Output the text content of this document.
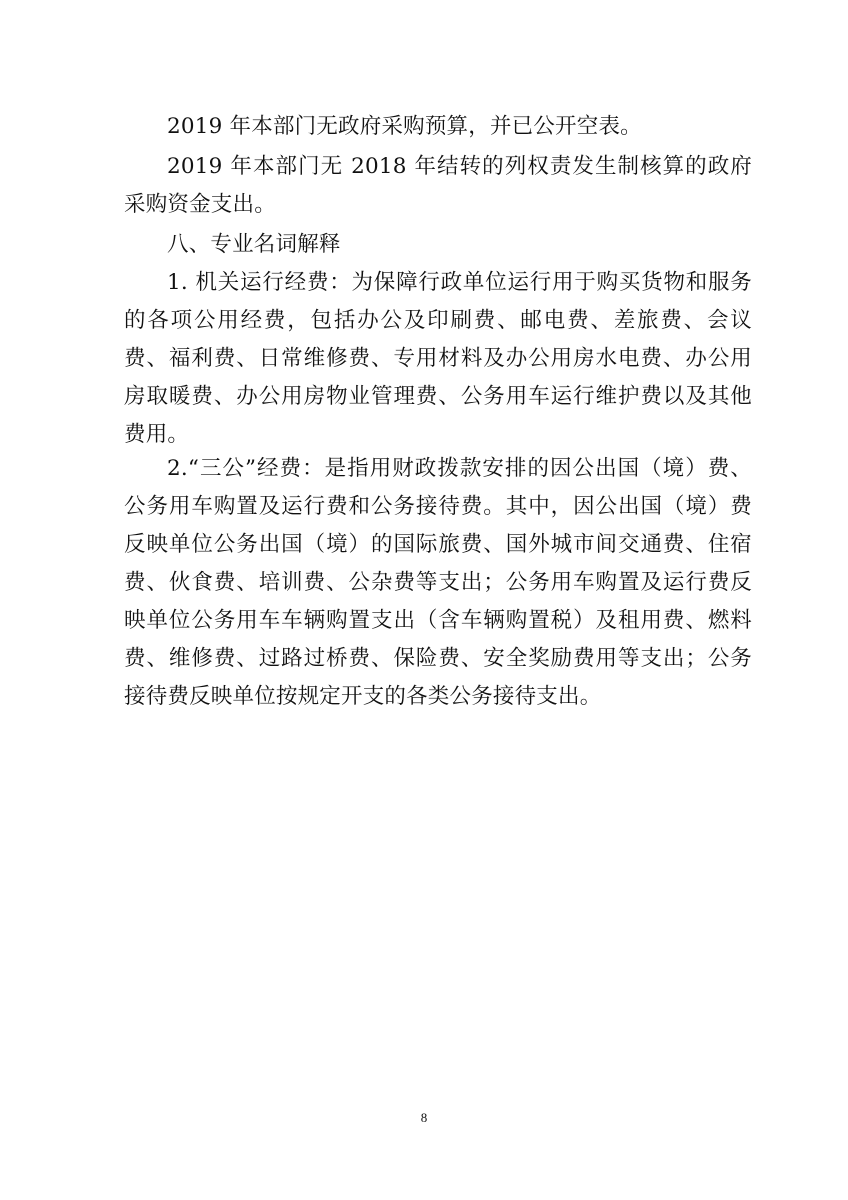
2019 年本部门无政府采购预算，并已公开空表。

2019 年本部门无 2018 年结转的列权责发生制核算的政府采购资金支出。

八、专业名词解释

1. 机关运行经费：为保障行政单位运行用于购买货物和服务的各项公用经费，包括办公及印刷费、邮电费、差旅费、会议费、福利费、日常维修费、专用材料及办公用房水电费、办公用房取暖费、办公用房物业管理费、公务用车运行维护费以及其他费用。

2.“三公”经费：是指用财政拨款安排的因公出国（境）费、公务用车购置及运行费和公务接待费。其中，因公出国（境）费反映单位公务出国（境）的国际旅费、国外城市间交通费、住宿费、伙食费、培训费、公杂费等支出；公务用车购置及运行费反映单位公务用车车辆购置支出（含车辆购置税）及租用费、燃料费、维修费、过路过桥费、保险费、安全奖励费用等支出；公务接待费反映单位按规定开支的各类公务接待支出。

8
